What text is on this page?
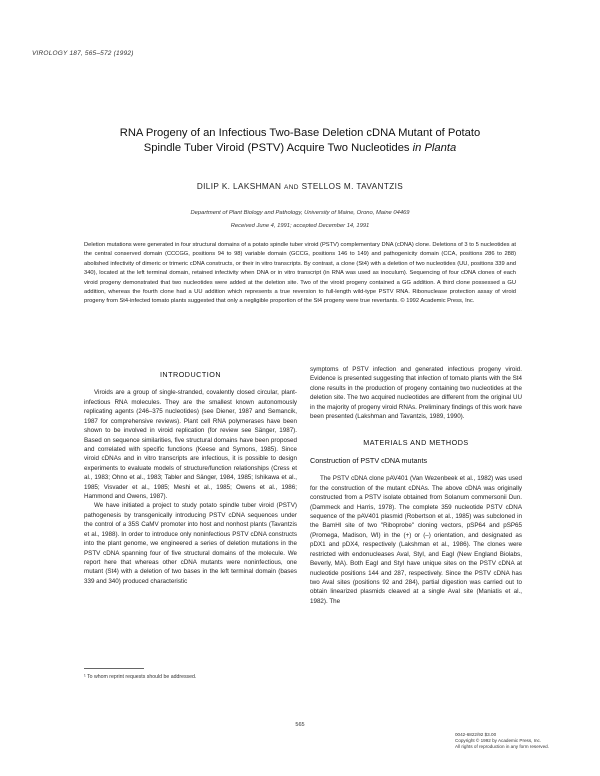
VIROLOGY 187, 565–572 (1992)
RNA Progeny of an Infectious Two-Base Deletion cDNA Mutant of Potato
Spindle Tuber Viroid (PSTV) Acquire Two Nucleotides in Planta
DILIP K. LAKSHMAN AND STELLOS M. TAVANTZIS
Department of Plant Biology and Pathology, University of Maine, Orono, Maine 04469
Received June 4, 1991; accepted December 14, 1991
Deletion mutations were generated in four structural domains of a potato spindle tuber viroid (PSTV) complementary DNA (cDNA) clone. Deletions of 3 to 5 nucleotides at the central conserved domain (CCCGG, positions 94 to 98) variable domain (GCCG, positions 146 to 149) and pathogenicity domain (CCA, positions 286 to 288) abolished infectivity of dimeric or trimeric cDNA constructs, or their in vitro transcripts. By contrast, a clone (St4) with a deletion of two nucleotides (UU, positions 339 and 340), located at the left terminal domain, retained infectivity when DNA or in vitro transcript (in RNA was used as inoculum). Sequencing of four cDNA clones of each viroid progeny demonstrated that two nucleotides were added at the deletion site. Two of the viroid progeny contained a GG addition. A third clone possessed a GU addition, whereas the fourth clone had a UU addition which represents a true reversion to full-length wild-type PSTV RNA. Ribonuclease protection assay of viroid progeny from St4-infected tomato plants suggested that only a negligible proportion of the St4 progeny were true revertants. © 1992 Academic Press, Inc.
INTRODUCTION

Viroids are a group of single-stranded, covalently closed circular, plant-infectious RNA molecules. They are the smallest known autonomously replicating agents (246–375 nucleotides) (see Diener, 1987 and Semancik, 1987 for comprehensive reviews). Plant cell RNA polymerases have been shown to be involved in viroid replication (for review see Sänger, 1987). Based on sequence similarities, five structural domains have been proposed and correlated with specific functions (Keese and Symons, 1985). Since viroid cDNAs and in vitro transcripts are infectious, it is possible to design experiments to evaluate models of structure/function relationships (Cress et al., 1983; Ohno et al., 1983; Tabler and Sänger, 1984, 1985; Ishikawa et al., 1985; Visvader et al., 1985; Meshi et al., 1985; Owens et al., 1986; Hammond and Owens, 1987).

We have initiated a project to study potato spindle tuber viroid (PSTV) pathogenesis by transgenically introducing PSTV cDNA sequences under the control of a 35S CaMV promoter into host and nonhost plants (Tavantzis et al., 1988). In order to introduce only noninfectious PSTV cDNA constructs into the plant genome, we engineered a series of deletion mutations in the PSTV cDNA spanning four of five structural domains of the molecule. We report here that whereas other cDNA mutants were noninfectious, one mutant (St4) with a deletion of two bases in the left terminal domain (bases 339 and 340) produced characteristic

symptoms of PSTV infection and generated infectious progeny viroid. Evidence is presented suggesting that infection of tomato plants with the St4 clone results in the production of progeny containing two nucleotides at the deletion site. The two acquired nucleotides are different from the original UU in the majority of progeny viroid RNAs. Preliminary findings of this work have been presented (Lakshman and Tavantzis, 1989, 1990).

MATERIALS AND METHODS
Construction of PSTV cDNA mutants

The PSTV cDNA clone pAV401 (Van Wezenbeek et al., 1982) was used for the construction of the mutant cDNAs. The above cDNA was originally constructed from a PSTV isolate obtained from Solanum commersonii Dun. (Dammeck and Harris, 1978). The complete 359 nucleotide PSTV cDNA sequence of the pAV401 plasmid (Robertson et al., 1985) was subcloned in the BamHI site of two "Riboprobe" cloning vectors, pSP64 and pSP65 (Promega, Madison, WI) in the (+) or (–) orientation, and designated as pDX1 and pDX4, respectively (Lakshman et al., 1986). The clones were restricted with endonucleases AvaI, StyI, and EagI (New England Biolabs, Beverly, MA). Both EagI and StyI have unique sites on the PSTV cDNA at nucleotide positions 144 and 287, respectively. Since the PSTV cDNA has two AvaI sites (positions 92 and 284), partial digestion was carried out to obtain linearized plasmids cleaved at a single AvaI site (Maniatis et al., 1982). The

¹ To whom reprint requests should be addressed.
565
0042-6822/92 $3.00
Copyright © 1992 by Academic Press, Inc.
All rights of reproduction in any form reserved.
